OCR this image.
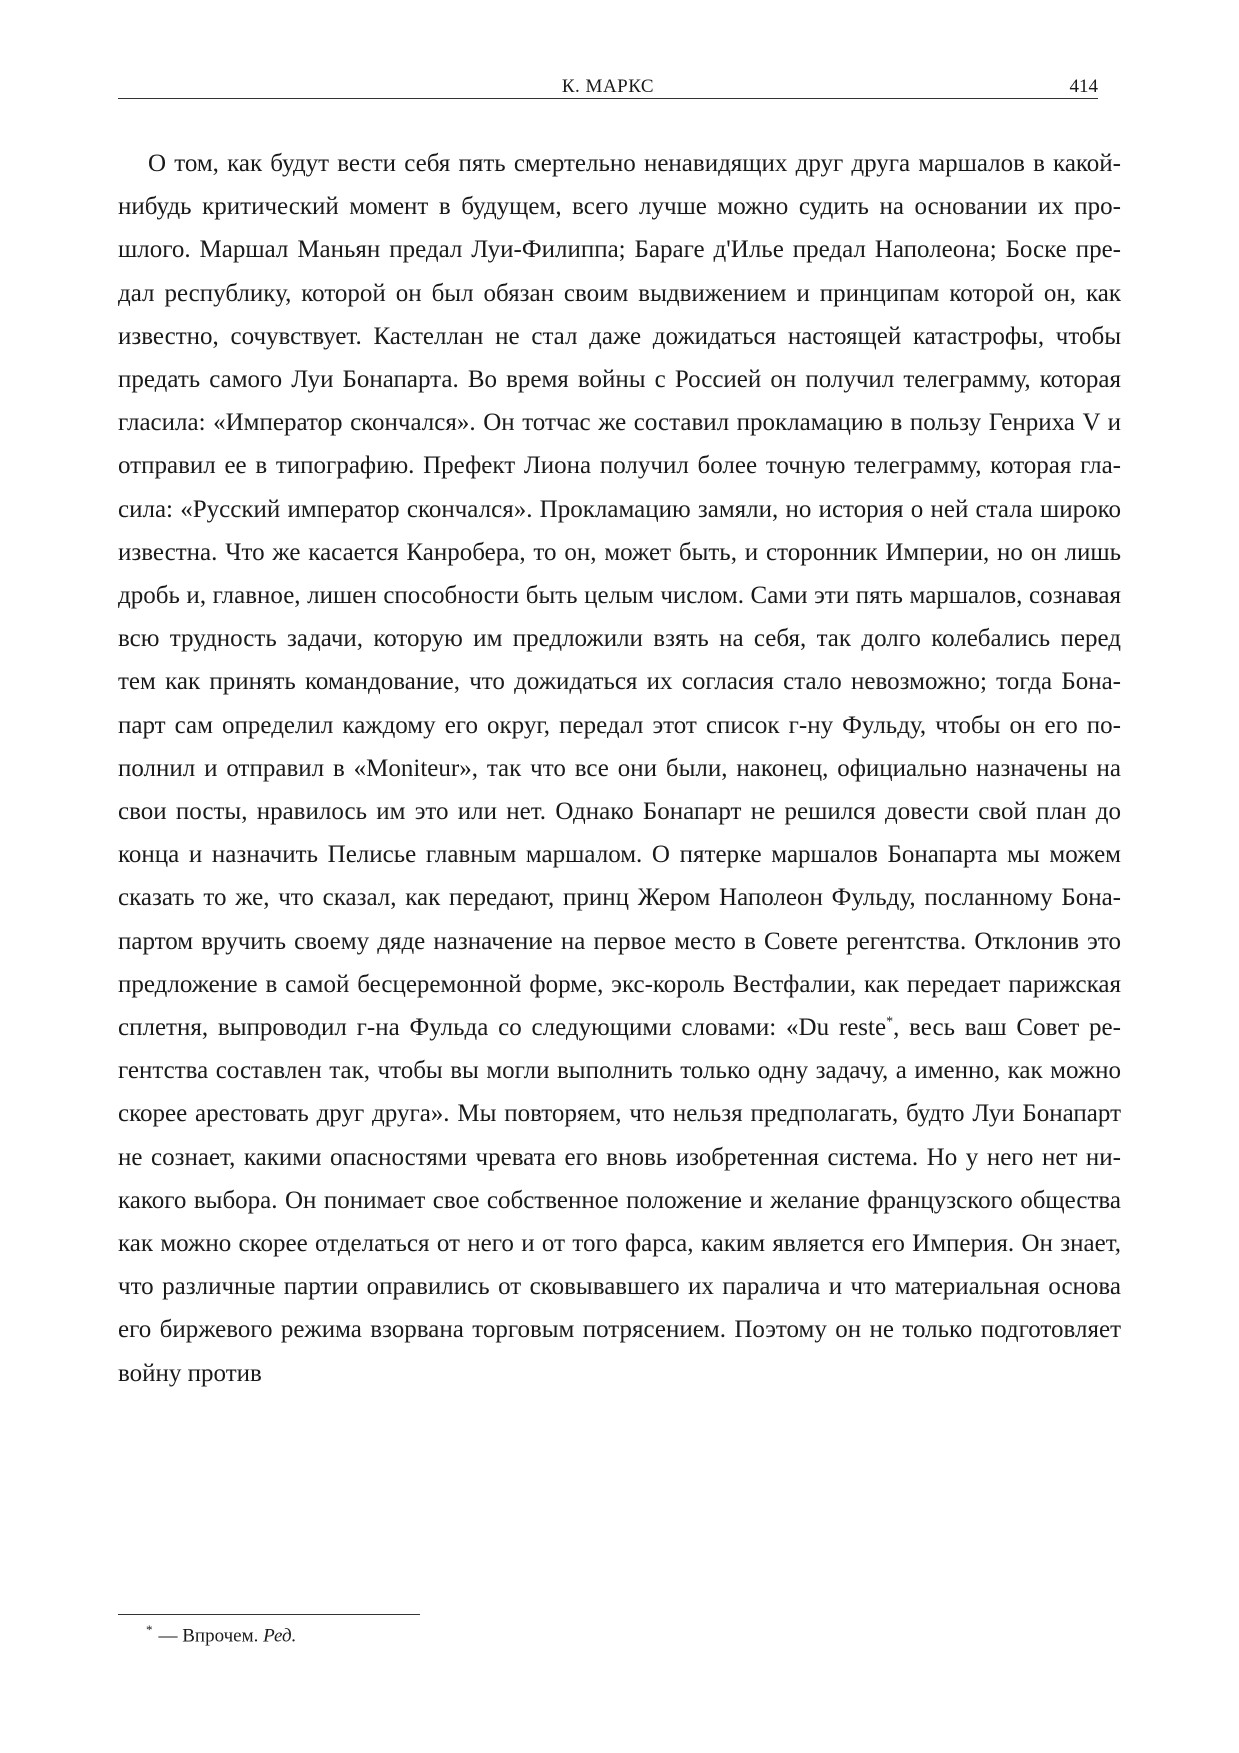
К. МАРКС	414

О том, как будут вести себя пять смертельно ненавидящих друг друга маршалов в какой-
нибудь критический момент в будущем, всего лучше можно судить на основании их про-
шлого. Маршал Маньян предал Луи-Филиппа; Бараге д'Илье предал Наполеона; Боске пре-
дал республику, которой он был обязан своим выдвижением и принципам которой он, как
известно, сочувствует. Кастеллан не стал даже дожидаться настоящей катастрофы, чтобы
предать самого Луи Бонапарта. Во время войны с Россией он получил телеграмму, которая
гласила: «Император скончался». Он тотчас же составил прокламацию в пользу Генриха V и
отправил ее в типографию. Префект Лиона получил более точную телеграмму, которая гла-
сила: «Русский император скончался». Прокламацию замяли, но история о ней стала широко
известна. Что же касается Канробера, то он, может быть, и сторонник Империи, но он лишь
дробь и, главное, лишен способности быть целым числом. Сами эти пять маршалов, сознавая
всю трудность задачи, которую им предложили взять на себя, так долго колебались перед
тем как принять командование, что дожидаться их согласия стало невозможно; тогда Бона-
парт сам определил каждому его округ, передал этот список г-ну Фульду, чтобы он его по-
полнил и отправил в «Moniteur», так что все они были, наконец, официально назначены на
свои посты, нравилось им это или нет. Однако Бонапарт не решился довести свой план до
конца и назначить Пелисье главным маршалом. О пятерке маршалов Бонапарта мы можем
сказать то же, что сказал, как передают, принц Жером Наполеон Фульду, посланному Бона-
партом вручить своему дяде назначение на первое место в Совете регентства. Отклонив это
предложение в самой бесцеремонной форме, экс-король Вестфалии, как передает парижская
сплетня, выпроводил г-на Фульда со следующими словами: «Du reste*, весь ваш Совет ре-
гентства составлен так, чтобы вы могли выполнить только одну задачу, а именно, как можно
скорее арестовать друг друга». Мы повторяем, что нельзя предполагать, будто Луи Бонапарт
не сознает, какими опасностями чревата его вновь изобретенная система. Но у него нет ни-
какого выбора. Он понимает свое собственное положение и желание французского общества
как можно скорее отделаться от него и от того фарса, каким является его Империя. Он знает,
что различные партии оправились от сковывавшего их паралича и что материальная основа
его биржевого режима взорвана торговым потрясением. Поэтому он не только подготовляет
войну против

* — Впрочем. Ред.
